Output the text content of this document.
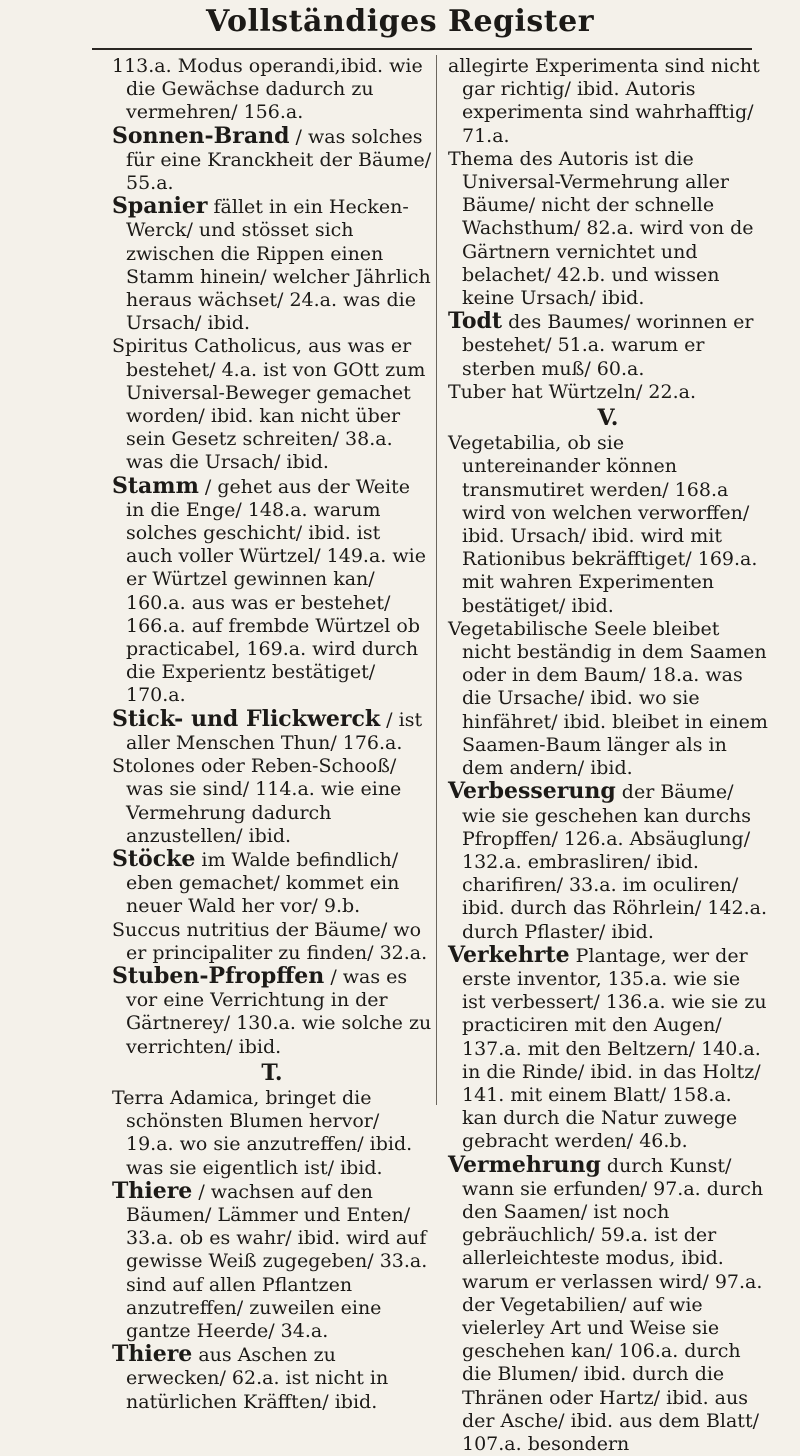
Vollständiges Register

113.a. Modus operandi,ibid. wie die Gewächse dadurch zu vermehren/ 156.a.

Sonnen-Brand / was solches für eine Kranckheit der Bäume/ 55.a.

Spanier fället in ein Hecken-Werck/ und stösset sich zwischen die Rippen einen Stamm hinein/ welcher Jährlich heraus wächset/ 24.a. was die Ursach/ ibid.

Spiritus Catholicus, aus was er bestehet/ 4.a. ist von GOtt zum Universal-Beweger gemachet worden/ ibid. kan nicht über sein Gesetz schreiten/ 38.a. was die Ursach/ ibid.

Stamm / gehet aus der Weite in die Enge/ 148.a. warum solches geschicht/ ibid. ist auch voller Würtzel/ 149.a. wie er Würtzel gewinnen kan/ 160.a. aus was er bestehet/ 166.a. auf frembde Würtzel ob practicabel, 169.a. wird durch die Experientz bestätiget/ 170.a.

Stick- und Flickwerck / ist aller Menschen Thun/ 176.a.

Stolones oder Reben-Schooß/ was sie sind/ 114.a. wie eine Vermehrung dadurch anzustellen/ ibid.

Stöcke im Walde befindlich/ eben gemachet/ kommet ein neuer Wald her vor/ 9.b.

Succus nutritius der Bäume/ wo er principaliter zu finden/ 32.a.

Stuben-Pfropffen / was es vor eine Verrichtung in der Gärtnerey/ 130.a. wie solche zu verrichten/ ibid.

T.

Terra Adamica, bringet die schönsten Blumen hervor/ 19.a. wo sie anzutreffen/ ibid. was sie eigentlich ist/ ibid.

Thiere / wachsen auf den Bäumen/ Lämmer und Enten/ 33.a. ob es wahr/ ibid. wird auf gewisse Weiß zugegeben/ 33.a. sind auf allen Pflantzen anzutreffen/ zuweilen eine gantze Heerde/ 34.a.

Thiere aus Aschen zu erwecken/ 62.a. ist nicht in natürlichen Kräfften/ ibid.

allegirte Experimenta sind nicht gar richtig/ ibid. Autoris experimenta sind wahrhafftig/ 71.a.

Thema des Autoris ist die Universal-Vermehrung aller Bäume/ nicht der schnelle Wachsthum/ 82.a. wird von de Gärtnern vernichtet und belachet/ 42.b. und wissen keine Ursach/ ibid.

Todt des Baumes/ worinnen er bestehet/ 51.a. warum er sterben muß/ 60.a.

Tuber hat Würtzeln/ 22.a.

V.

Vegetabilia, ob sie untereinander können transmutiret werden/ 168.a wird von welchen verworffen/ ibid. Ursach/ ibid. wird mit Rationibus bekräfftiget/ 169.a. mit wahren Experimenten bestätiget/ ibid.

Vegetabilische Seele bleibet nicht beständig in dem Saamen oder in dem Baum/ 18.a. was die Ursache/ ibid. wo sie hinfähret/ ibid. bleibet in einem Saamen-Baum länger als in dem andern/ ibid.

Verbesserung der Bäume/ wie sie geschehen kan durchs Pfropffen/ 126.a. Absäuglung/ 132.a. embrasliren/ ibid. charifiren/ 33.a. im oculiren/ ibid. durch das Röhrlein/ 142.a. durch Pflaster/ ibid.

Verkehrte Plantage, wer der erste inventor, 135.a. wie sie ist verbessert/ 136.a. wie sie zu practiciren mit den Augen/ 137.a. mit den Beltzern/ 140.a. in die Rinde/ ibid. in das Holtz/ 141. mit einem Blatt/ 158.a. kan durch die Natur zuwege gebracht werden/ 46.b.

Vermehrung durch Kunst/ wann sie erfunden/ 97.a. durch den Saamen/ ist noch gebräuchlich/ 59.a. ist der allerleichteste modus, ibid. warum er verlassen wird/ 97.a. der Vegetabilien/ auf wie vielerley Art und Weise sie geschehen kan/ 106.a. durch die Blumen/ ibid. durch die Thränen oder Hartz/ ibid. aus der Asche/ ibid. aus dem Blatt/ 107.a. besondern
